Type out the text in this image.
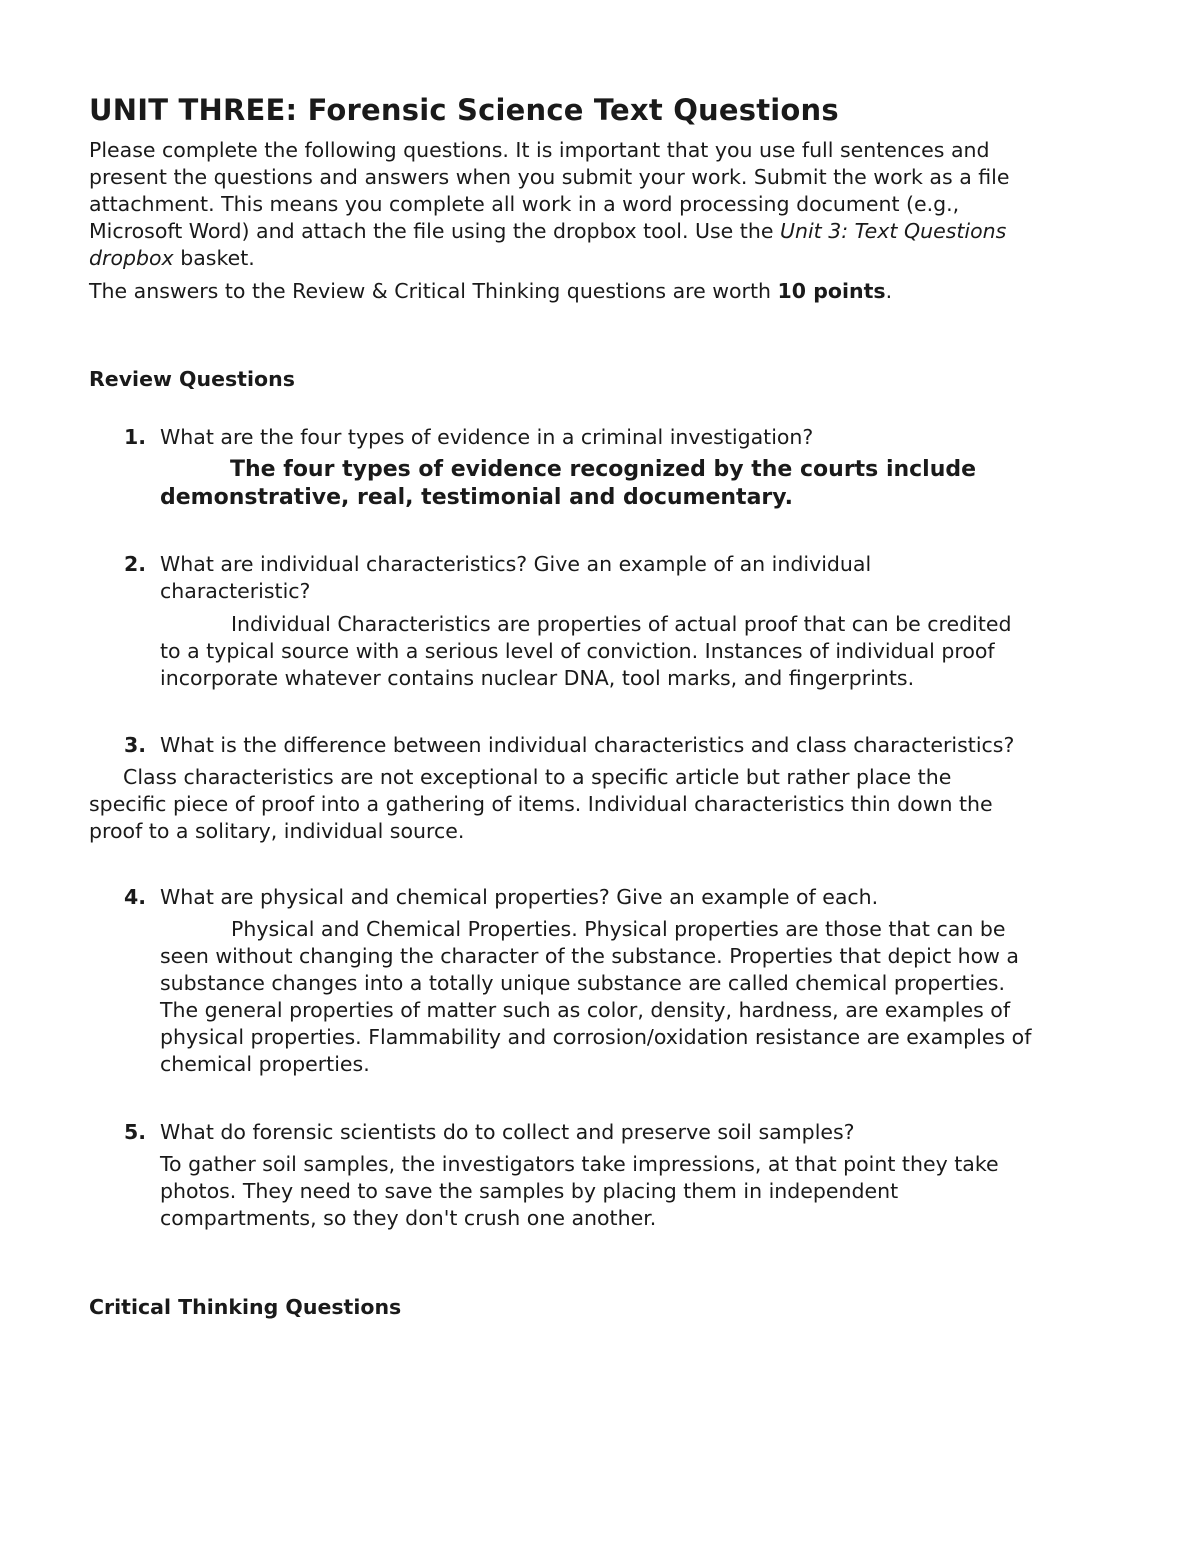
UNIT THREE: Forensic Science Text Questions

Please complete the following questions. It is important that you use full sentences and present the questions and answers when you submit your work. Submit the work as a file attachment. This means you complete all work in a word processing document (e.g., Microsoft Word) and attach the file using the dropbox tool. Use the Unit 3: Text Questions dropbox basket.

The answers to the Review & Critical Thinking questions are worth 10 points.

Review Questions
1. What are the four types of evidence in a criminal investigation?

The four types of evidence recognized by the courts include demonstrative, real, testimonial and documentary.

2. What are individual characteristics? Give an example of an individual characteristic?

Individual Characteristics are properties of actual proof that can be credited to a typical source with a serious level of conviction. Instances of individual proof incorporate whatever contains nuclear DNA, tool marks, and fingerprints.

3. What is the difference between individual characteristics and class characteristics?

Class characteristics are not exceptional to a specific article but rather place the specific piece of proof into a gathering of items. Individual characteristics thin down the proof to a solitary, individual source.

4. What are physical and chemical properties? Give an example of each.

Physical and Chemical Properties. Physical properties are those that can be seen without changing the character of the substance. Properties that depict how a substance changes into a totally unique substance are called chemical properties. The general properties of matter such as color, density, hardness, are examples of physical properties. Flammability and corrosion/oxidation resistance are examples of chemical properties.

5. What do forensic scientists do to collect and preserve soil samples?

To gather soil samples, the investigators take impressions, at that point they take photos. They need to save the samples by placing them in independent compartments, so they don't crush one another.

Critical Thinking Questions
